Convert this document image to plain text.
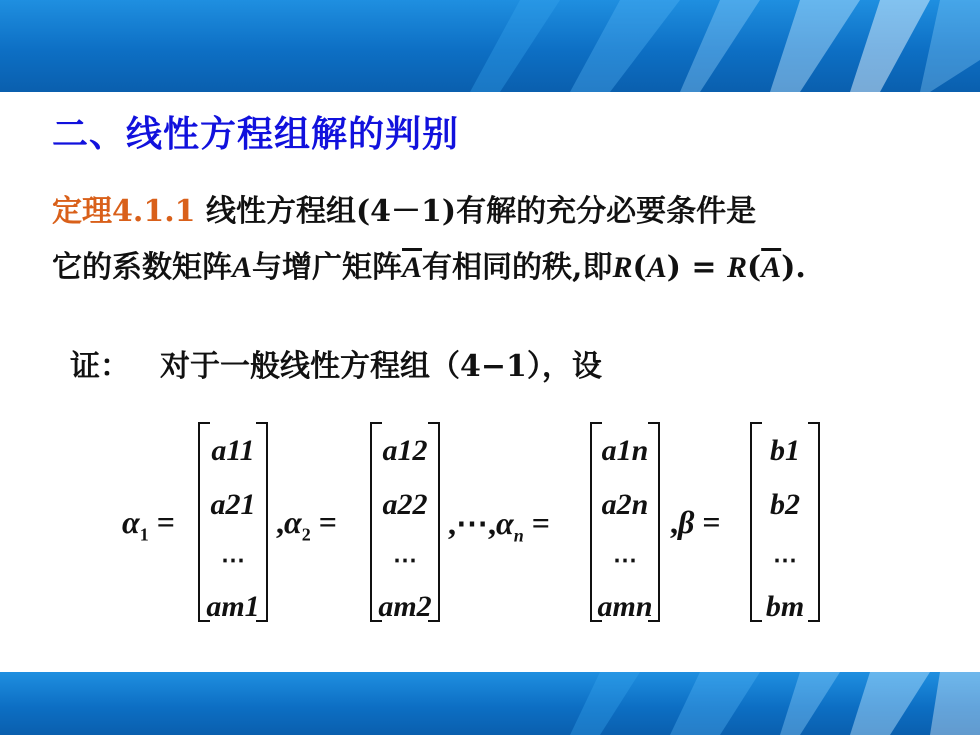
二、线性方程组解的判别
定理4.1.1 线性方程组(4－1)有解的充分必要条件是
它的系数矩阵A与增广矩阵$\overline{A}$有相同的秩,即$R(A) = R(\overline{A})$.
证： 对于一般线性方程组（4−1），设
$\alpha_1$ =
a11
a21
⋯
am1
$,\alpha_2$ =
a12
a22
⋯
am2
$,\cdots,\alpha_n$ =
a1n
a2n
⋯
amn
,β =
b1
b2
⋯
bm
